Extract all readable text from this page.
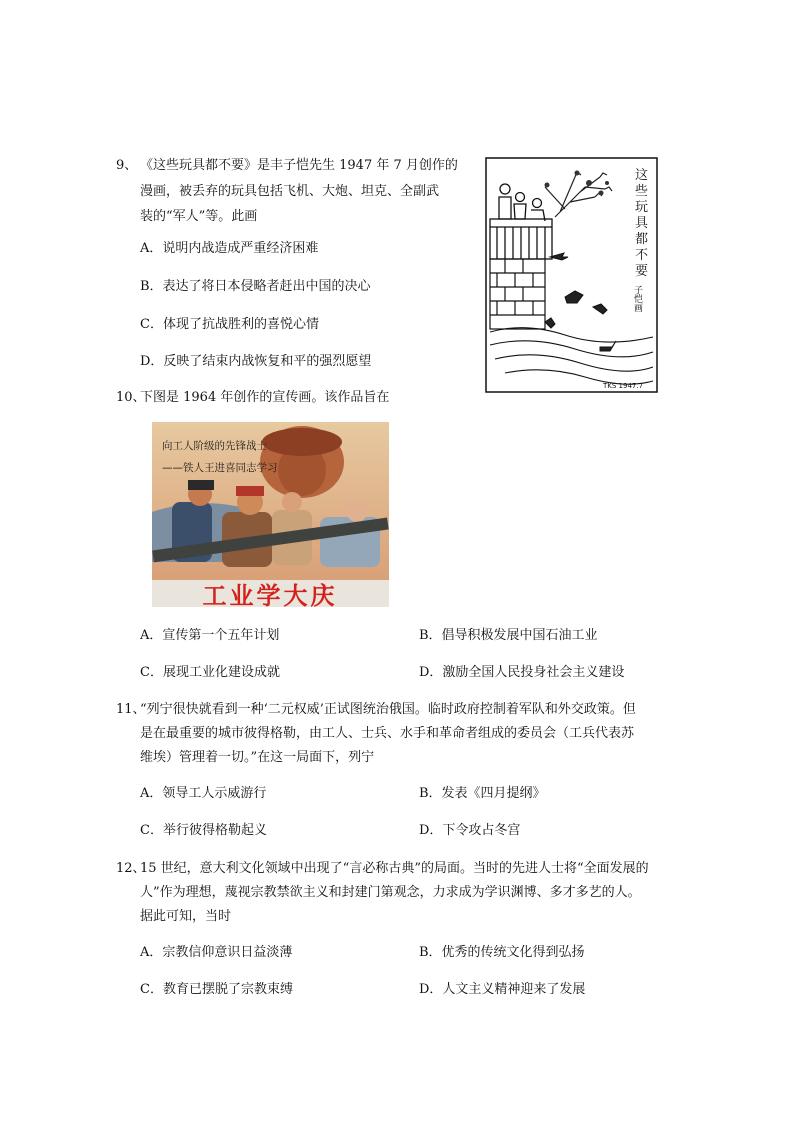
9、 《这些玩具都不要》是丰子恺先生 1947 年 7 月创作的
漫画，被丢弃的玩具包括飞机、大炮、坦克、全副武
装的“军人”等。此画
A．说明内战造成严重经济困难
B．表达了将日本侵略者赶出中国的决心
C．体现了抗战胜利的喜悦心情
D．反映了结束内战恢复和平的强烈愿望
这 些 玩 具 都 不 要
子恺画
TKS 1947.7
10、
下图是 1964 年创作的宣传画。该作品旨在
向工人阶级的先锋战士
——铁人王进喜同志学习
工业学大庆
A．宣传第一个五年计划	B．倡导积极发展中国石油工业
C．展现工业化建设成就	D．激励全国人民投身社会主义建设
11、
“列宁很快就看到一种‘二元权威’正试图统治俄国。临时政府控制着军队和外交政策。但
是在最重要的城市彼得格勒，由工人、士兵、水手和革命者组成的委员会（工兵代表苏
维埃）管理着一切。”在这一局面下，列宁
A．领导工人示威游行	B．发表《四月提纲》
C．举行彼得格勒起义	D．下令攻占冬宫
12、
15 世纪，意大利文化领域中出现了“言必称古典”的局面。当时的先进人士将“全面发展的
人”作为理想，蔑视宗教禁欲主义和封建门第观念，力求成为学识渊博、多才多艺的人。
据此可知，当时
A．宗教信仰意识日益淡薄	B．优秀的传统文化得到弘扬
C．教育已摆脱了宗教束缚	D．人文主义精神迎来了发展
